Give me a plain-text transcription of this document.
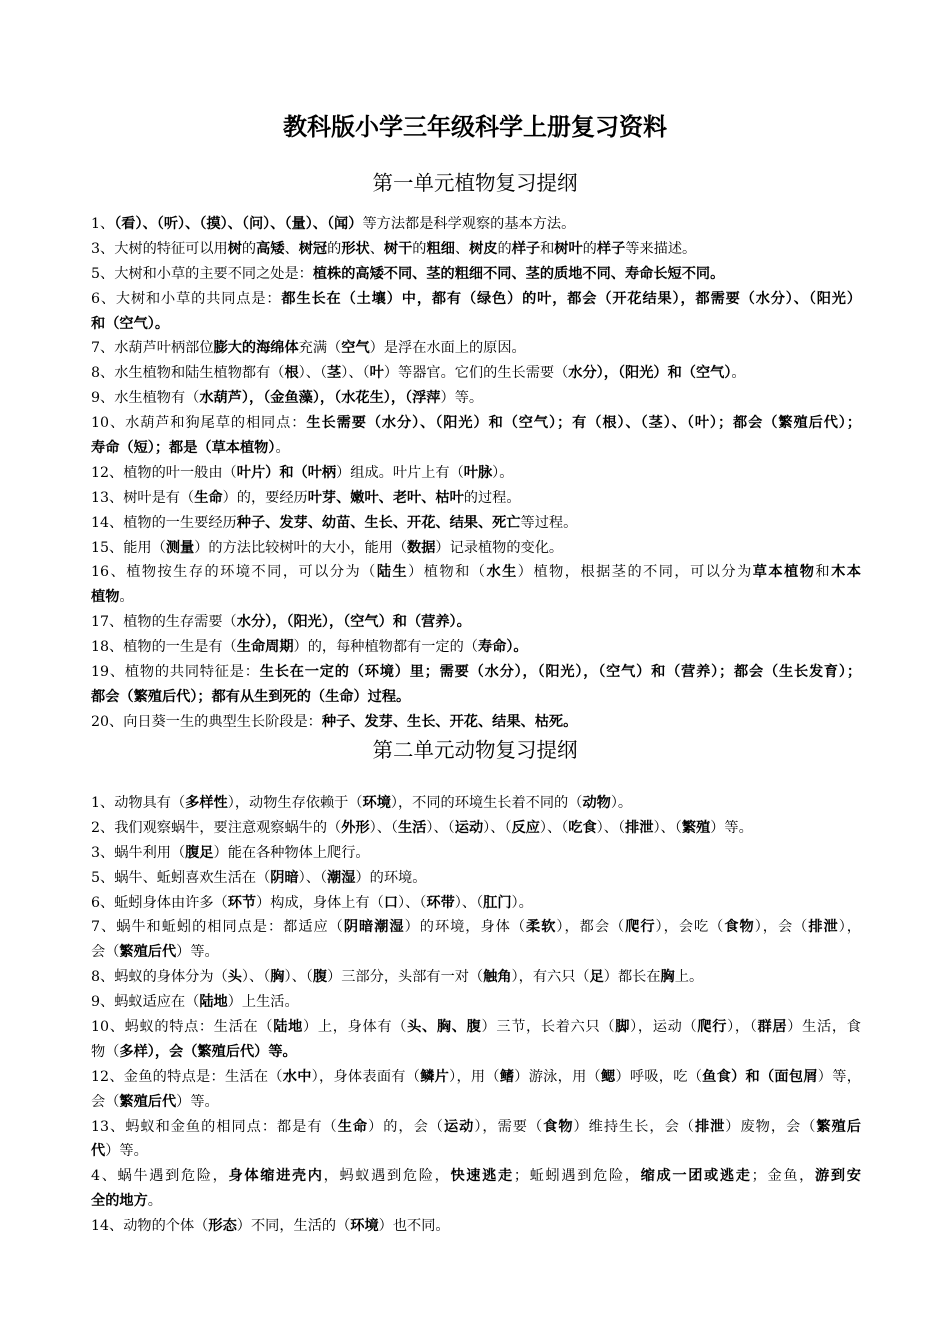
教科版小学三年级科学上册复习资料
第一单元植物复习提纲
1、（看）、（听）、（摸）、（问）、（量）、（闻）等方法都是科学观察的基本方法。
3、大树的特征可以用树的高矮、树冠的形状、树干的粗细、树皮的样子和树叶的样子等来描述。
5、大树和小草的主要不同之处是：植株的高矮不同、茎的粗细不同、茎的质地不同、寿命长短不同。
6、大树和小草的共同点是：都生长在（土壤）中，都有（绿色）的叶，都会（开花结果），都需要（水分）、（阳光）
和（空气）。
7、水葫芦叶柄部位膨大的海绵体充满（空气）是浮在水面上的原因。
8、水生植物和陆生植物都有（根）、（茎）、（叶）等器官。它们的生长需要（水分），（阳光）和（空气）。
9、水生植物有（水葫芦），（金鱼藻），（水花生），（浮萍）等。
10、水葫芦和狗尾草的相同点：生长需要（水分）、（阳光）和（空气）；有（根）、（茎）、（叶）；都会（繁殖后代）；
寿命（短）；都是（草本植物）。
12、植物的叶一般由（叶片）和（叶柄）组成。叶片上有（叶脉）。
13、树叶是有（生命）的，要经历叶芽、嫩叶、老叶、枯叶的过程。
14、植物的一生要经历种子、发芽、幼苗、生长、开花、结果、死亡等过程。
15、能用（测量）的方法比较树叶的大小，能用（数据）记录植物的变化。
16、植物按生存的环境不同，可以分为（陆生）植物和（水生）植物，根据茎的不同，可以分为草本植物和木本
植物。
17、植物的生存需要（水分），（阳光），（空气）和（营养）。
18、植物的一生是有（生命周期）的，每种植物都有一定的（寿命）。
19、植物的共同特征是：生长在一定的（环境）里；需要（水分），（阳光），（空气）和（营养）；都会（生长发育）；
都会（繁殖后代）；都有从生到死的（生命）过程。
20、向日葵一生的典型生长阶段是：种子、发芽、生长、开花、结果、枯死。
第二单元动物复习提纲
1、动物具有（多样性），动物生存依赖于（环境），不同的环境生长着不同的（动物）。
2、我们观察蜗牛，要注意观察蜗牛的（外形）、（生活）、（运动）、（反应）、（吃食）、（排泄）、（繁殖）等。
3、蜗牛利用（腹足）能在各种物体上爬行。
5、蜗牛、蚯蚓喜欢生活在（阴暗）、（潮湿）的环境。
6、蚯蚓身体由许多（环节）构成，身体上有（口）、（环带）、（肛门）。
7、蜗牛和蚯蚓的相同点是：都适应（阴暗潮湿）的环境，身体（柔软），都会（爬行），会吃（食物），会（排泄），
会（繁殖后代）等。
8、蚂蚁的身体分为（头）、（胸）、（腹）三部分，头部有一对（触角），有六只（足）都长在胸上。
9、蚂蚁适应在（陆地）上生活。
10、蚂蚁的特点：生活在（陆地）上，身体有（头、胸、腹）三节，长着六只（脚），运动（爬行），（群居）生活，食
物（多样），会（繁殖后代）等。
12、金鱼的特点是：生活在（水中），身体表面有（鳞片），用（鳍）游泳，用（鳃）呼吸，吃（鱼食）和（面包屑）等，
会（繁殖后代）等。
13、蚂蚁和金鱼的相同点：都是有（生命）的，会（运动），需要（食物）维持生长，会（排泄）废物，会（繁殖后
代）等。
4、蜗牛遇到危险，身体缩进壳内，蚂蚁遇到危险，快速逃走；蚯蚓遇到危险，缩成一团或逃走；金鱼，游到安
全的地方。
14、动物的个体（形态）不同，生活的（环境）也不同。
